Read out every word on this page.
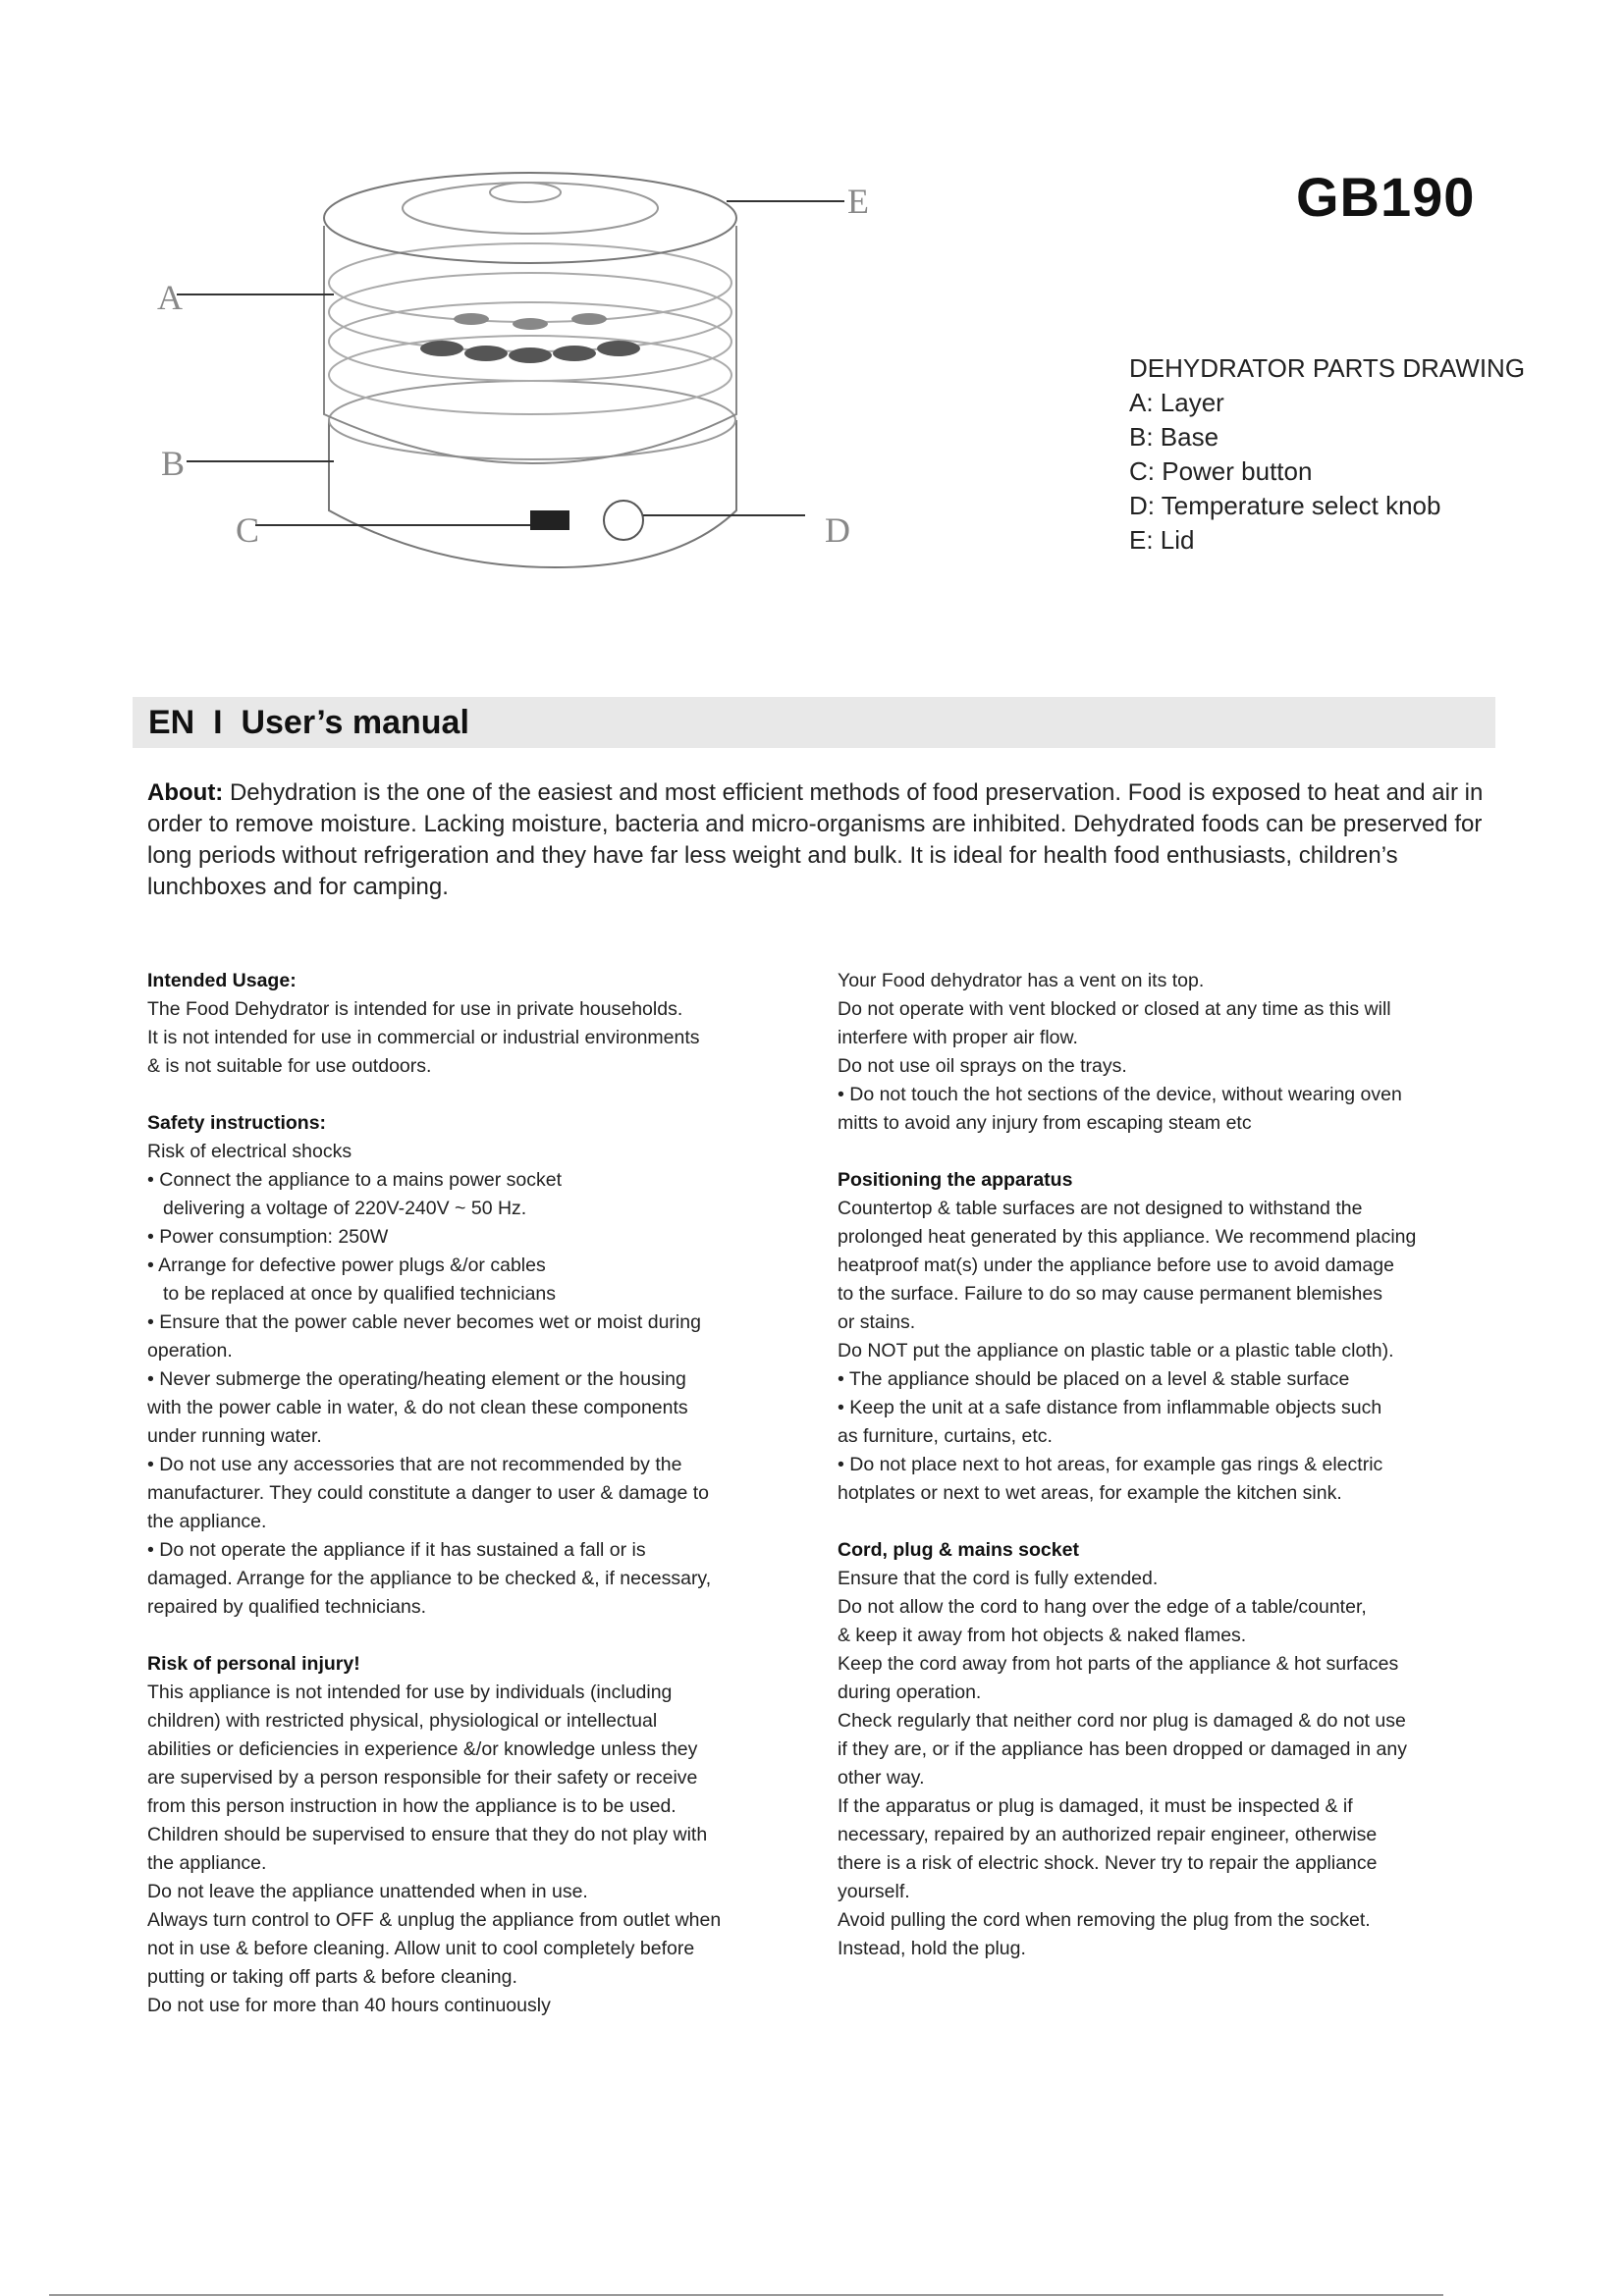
A
B
C	D
E	GB190
DEHYDRATOR PARTS DRAWING
A: Layer
B: Base
C: Power button
D: Temperature select knob
E: Lid
EN  I  User’s manual
About: Dehydration is the one of the easiest and most efficient methods of food preservation. Food is exposed to heat and air in order to remove moisture. Lacking moisture, bacteria and micro-organisms are inhibited. Dehydrated foods can be preserved for long periods without refrigeration and they have far less weight and bulk. It is ideal for health food enthusiasts, children’s lunchboxes and for camping.
Intended Usage:
The Food Dehydrator is intended for use in private households.
It is not intended for use in commercial or industrial environments
& is not suitable for use outdoors.
Safety instructions:
Risk of electrical shocks
• Connect the appliance to a mains power socket
delivering a voltage of 220V-240V ~ 50 Hz.
• Power consumption: 250W
• Arrange for defective power plugs &/or cables
to be replaced at once by qualified technicians
• Ensure that the power cable never becomes wet or moist during
operation.
• Never submerge the operating/heating element or the housing
with the power cable in water, & do not clean these components
under running water.
• Do not use any accessories that are not recommended by the
manufacturer. They could constitute a danger to user & damage to
the appliance.
• Do not operate the appliance if it has sustained a fall or is
damaged. Arrange for the appliance to be checked &, if necessary,
repaired by qualified technicians.
Risk of personal injury!
This appliance is not intended for use by individuals (including
children) with restricted physical, physiological or intellectual
abilities or deficiencies in experience &/or knowledge unless they
are supervised by a person responsible for their safety or receive
from this person instruction in how the appliance is to be used.
Children should be supervised to ensure that they do not play with
the appliance.
Do not leave the appliance unattended when in use.
Always turn control to OFF & unplug the appliance from outlet when
not in use & before cleaning. Allow unit to cool completely before
putting or taking off parts & before cleaning.
Do not use for more than 40 hours continuously
Your Food dehydrator has a vent on its top.
Do not operate with vent blocked or closed at any time as this will
interfere with proper air flow.
Do not use oil sprays on the trays.
• Do not touch the hot sections of the device, without wearing oven
mitts to avoid any injury from escaping steam etc
Positioning the apparatus
Countertop & table surfaces are not designed to withstand the
prolonged heat generated by this appliance. We recommend placing
heatproof mat(s) under the appliance before use to avoid damage
to the surface. Failure to do so may cause permanent blemishes
or stains.
Do NOT put the appliance on plastic table or a plastic table cloth).
• The appliance should be placed on a level & stable surface
• Keep the unit at a safe distance from inflammable objects such
as furniture, curtains, etc.
• Do not place next to hot areas, for example gas rings & electric
hotplates or next to wet areas, for example the kitchen sink.
Cord, plug & mains socket
Ensure that the cord is fully extended.
Do not allow the cord to hang over the edge of a table/counter,
& keep it away from hot objects & naked flames.
Keep the cord away from hot parts of the appliance & hot surfaces
during operation.
Check regularly that neither cord nor plug is damaged & do not use
if they are, or if the appliance has been dropped or damaged in any
other way.
If the apparatus or plug is damaged, it must be inspected & if
necessary, repaired by an authorized repair engineer, otherwise
there is a risk of electric shock. Never try to repair the appliance
yourself.
Avoid pulling the cord when removing the plug from the socket.
Instead, hold the plug.
